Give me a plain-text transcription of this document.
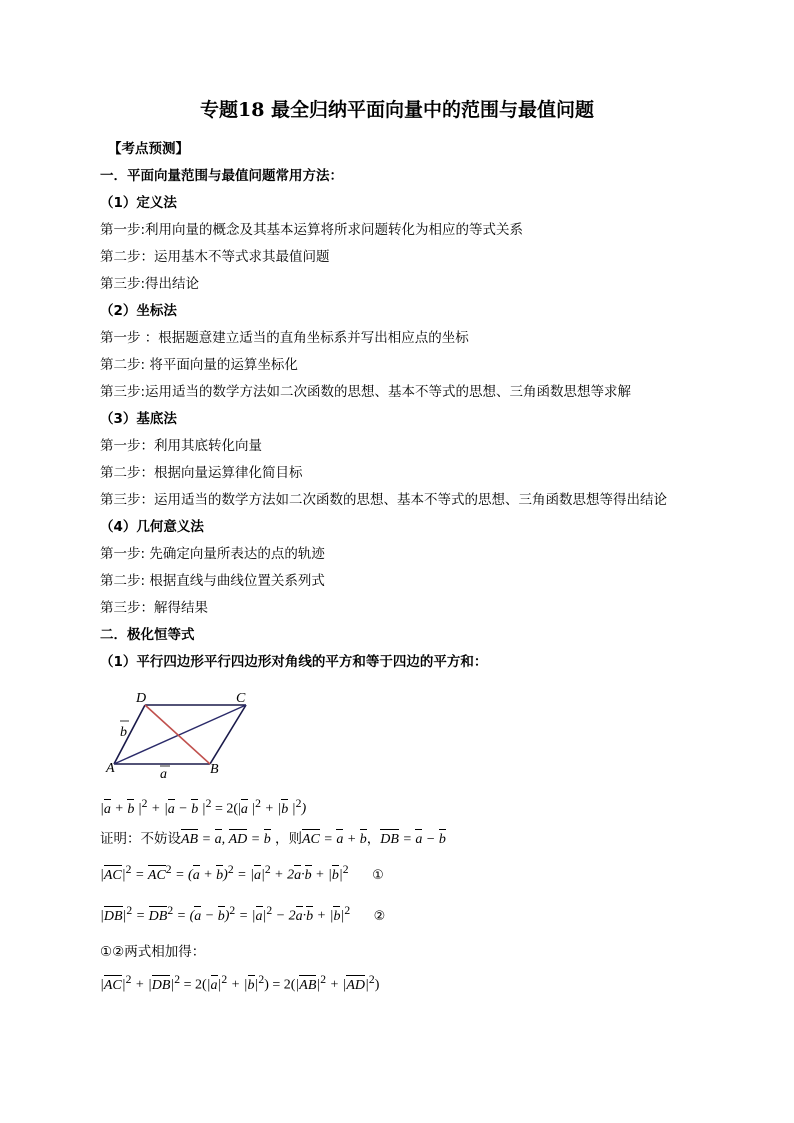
专题18 最全归纳平面向量中的范围与最值问题
【考点预测】
一．平面向量范围与最值问题常用方法：
（1）定义法
第一步:利用向量的概念及其基本运算将所求问题转化为相应的等式关系
第二步：运用基木不等式求其最值问题
第三步:得出结论
（2）坐标法
第一步 ：根据题意建立适当的直角坐标系并写出相应点的坐标
第二步: 将平面向量的运算坐标化
第三步:运用适当的数学方法如二次函数的思想、基本不等式的思想、三角函数思想等求解
（3）基底法
第一步：利用其底转化向量
第二步：根据向量运算律化简目标
第三步：运用适当的数学方法如二次函数的思想、基本不等式的思想、三角函数思想等得出结论
（4）几何意义法
第一步: 先确定向量所表达的点的轨迹
第二步: 根据直线与曲线位置关系列式
第三步：解得结果
二．极化恒等式
（1）平行四边形平行四边形对角线的平方和等于四边的平方和：
D	C
A	B
a
b
|a + b $|^2 + |a - b$ $|^2 = 2(|a$ $|^2 + |b$ $|^2$)
证明：不妨设AB = a, AD = b ，则AC = a + b，DB = a − b
$|AC|^2 = AC^2 = (a + b)^2 = |a|^2 + 2a\cdot b + |b|^2$ ①
$|DB|^2 = DB^2 = (a - b)^2 = |a|^2 - 2a\cdot b + |b|^2$ ②
①②两式相加得：
$|AC|^2 + |DB|^2 = 2(|a|^2 + |b|^2) = 2(|AB|^2 + |AD|^2)$
